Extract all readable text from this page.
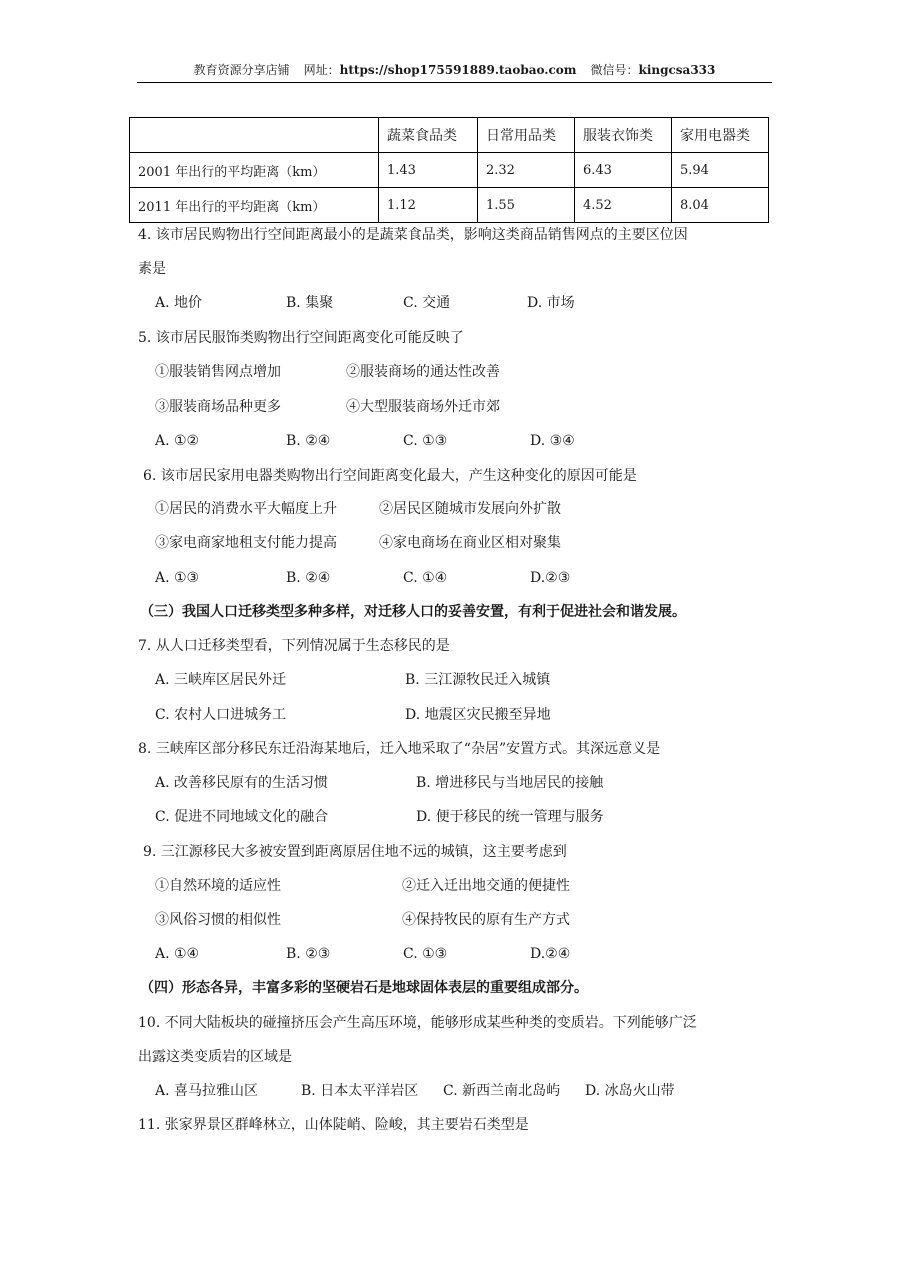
教育资源分享店铺 网址：https://shop175591889.taobao.com 微信号：kingcsa333
	蔬菜食品类	日常用品类	服装衣饰类	家用电器类
2001 年出行的平均距离（km）	1.43	2.32	6.43	5.94
2011 年出行的平均距离（km）	1.12	1.55	4.52	8.04
4. 该市居民购物出行空间距离最小的是蔬菜食品类，影响这类商品销售网点的主要区位因
素是
A. 地价	B. 集聚	C. 交通	D. 市场
5. 该市居民服饰类购物出行空间距离变化可能反映了
①服装销售网点增加	②服装商场的通达性改善
③服装商场品种更多	④大型服装商场外迁市郊
A. ①②	B. ②④	C. ①③	D. ③④
6. 该市居民家用电器类购物出行空间距离变化最大，产生这种变化的原因可能是
①居民的消费水平大幅度上升	②居民区随城市发展向外扩散
③家电商家地租支付能力提高	④家电商场在商业区相对聚集
A. ①③	B. ②④	C. ①④	D.②③
（三）我国人口迁移类型多种多样，对迁移人口的妥善安置，有利于促进社会和谐发展。
7. 从人口迁移类型看，下列情况属于生态移民的是
A. 三峡库区居民外迁	B. 三江源牧民迁入城镇
C. 农村人口进城务工	D. 地震区灾民搬至异地
8. 三峡库区部分移民东迁沿海某地后，迁入地采取了“杂居”安置方式。其深远意义是
A. 改善移民原有的生活习惯	B. 增进移民与当地居民的接触
C. 促进不同地域文化的融合	D. 便于移民的统一管理与服务
9. 三江源移民大多被安置到距离原居住地不远的城镇，这主要考虑到
①自然环境的适应性	②迁入迁出地交通的便捷性
③风俗习惯的相似性	④保持牧民的原有生产方式
A. ①④	B. ②③	C. ①③	D.②④
（四）形态各异，丰富多彩的坚硬岩石是地球固体表层的重要组成部分。
10. 不同大陆板块的碰撞挤压会产生高压环境，能够形成某些种类的变质岩。下列能够广泛
出露这类变质岩的区域是
A. 喜马拉雅山区	B. 日本太平洋岩区 C. 新西兰南北岛屿 D. 冰岛火山带
11. 张家界景区群峰林立，山体陡峭、险峻，其主要岩石类型是
